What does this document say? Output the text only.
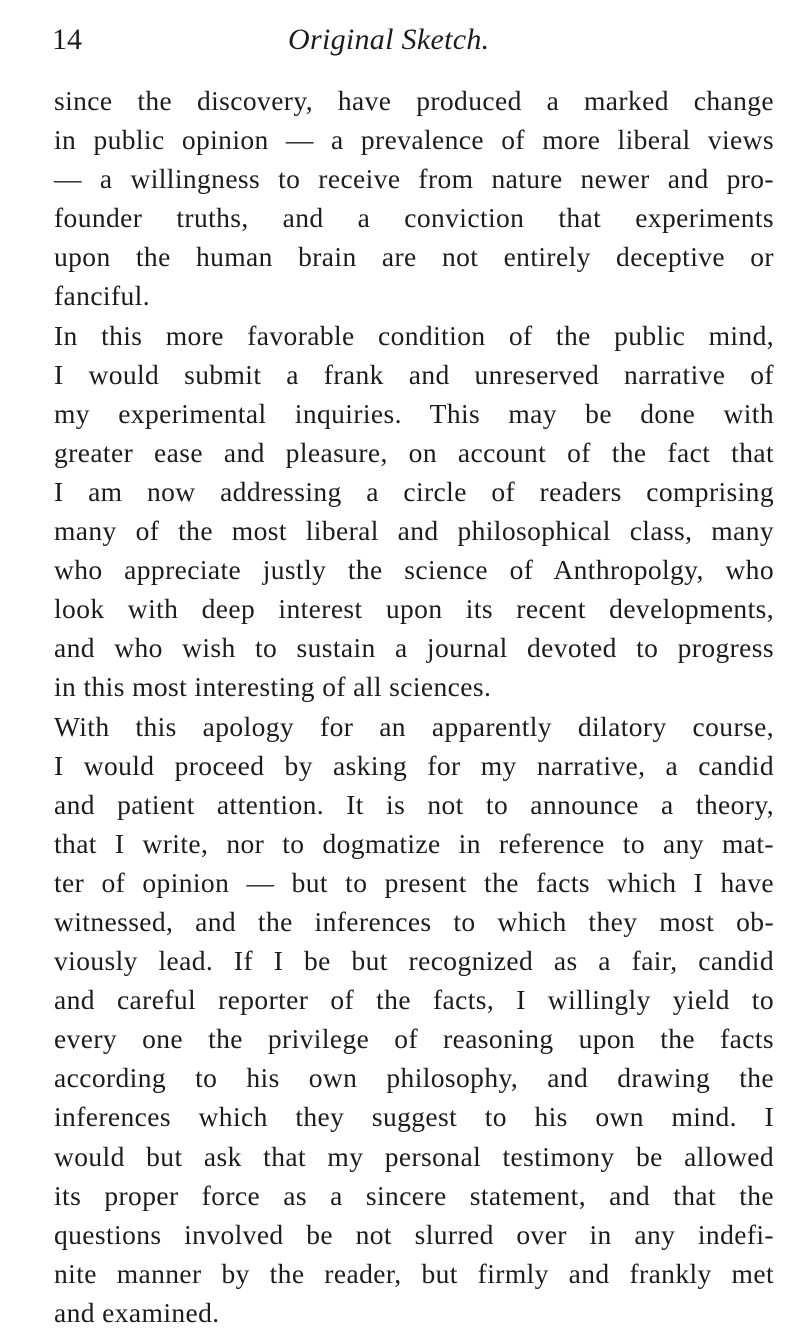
14	Original Sketch.
since the discovery, have produced a marked change
in public opinion — a prevalence of more liberal views
— a willingness to receive from nature newer and pro-
founder truths, and a conviction that experiments
upon the human brain are not entirely deceptive or
fanciful.
In this more favorable condition of the public mind,
I would submit a frank and unreserved narrative of
my experimental inquiries. This may be done with
greater ease and pleasure, on account of the fact that
I am now addressing a circle of readers comprising
many of the most liberal and philosophical class, many
who appreciate justly the science of Anthropolgy, who
look with deep interest upon its recent developments,
and who wish to sustain a journal devoted to progress
in this most interesting of all sciences.
With this apology for an apparently dilatory course,
I would proceed by asking for my narrative, a candid
and patient attention. It is not to announce a theory,
that I write, nor to dogmatize in reference to any mat-
ter of opinion — but to present the facts which I have
witnessed, and the inferences to which they most ob-
viously lead. If I be but recognized as a fair, candid
and careful reporter of the facts, I willingly yield to
every one the privilege of reasoning upon the facts
according to his own philosophy, and drawing the
inferences which they suggest to his own mind. I
would but ask that my personal testimony be allowed
its proper force as a sincere statement, and that the
questions involved be not slurred over in any indefi-
nite manner by the reader, but firmly and frankly met
and examined.
